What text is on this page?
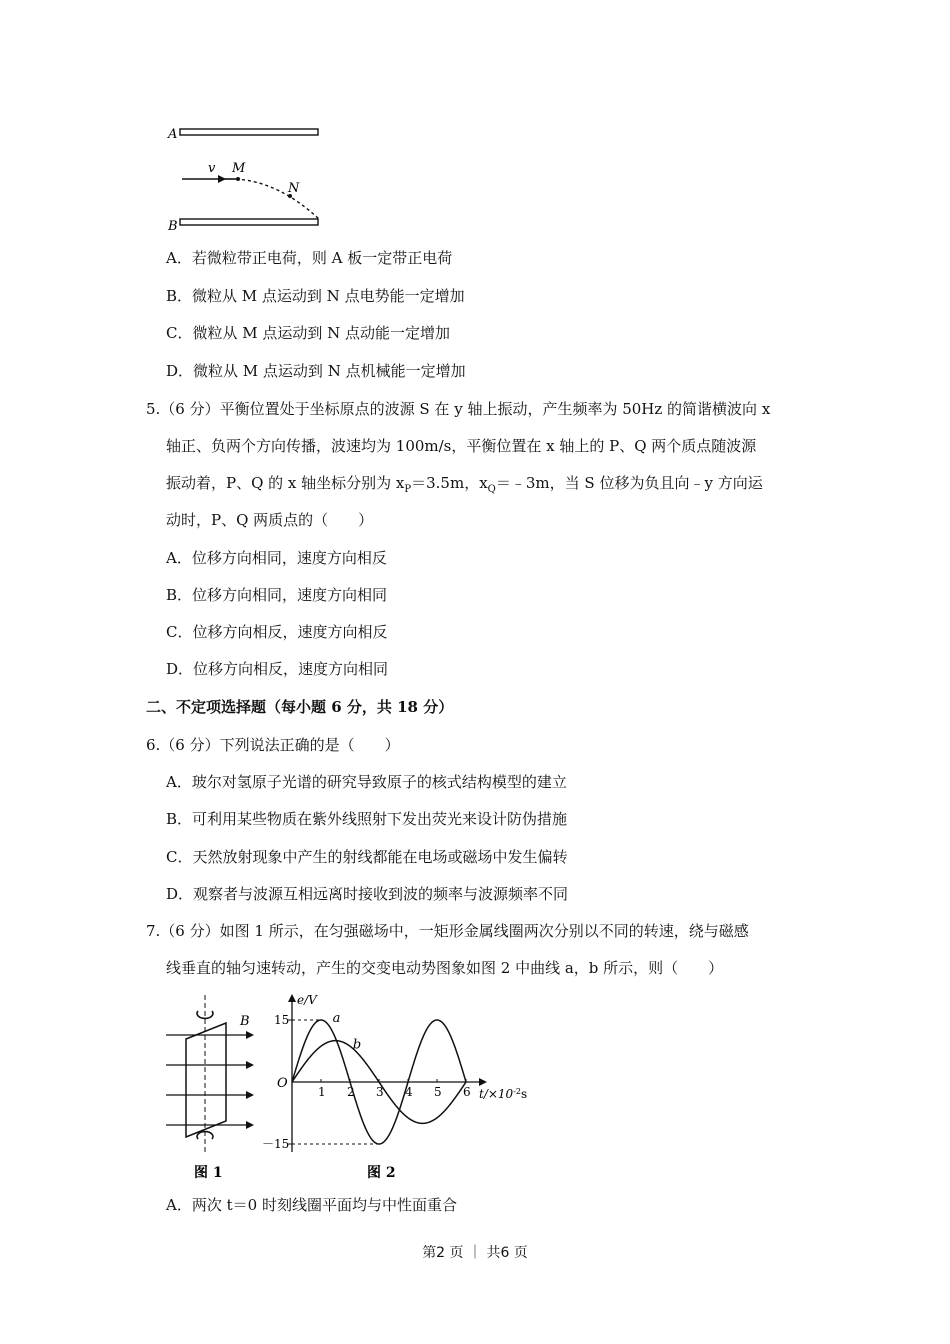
A
v M
N
B
A．若微粒带正电荷，则 A 板一定带正电荷
B．微粒从 M 点运动到 N 点电势能一定增加
C．微粒从 M 点运动到 N 点动能一定增加
D．微粒从 M 点运动到 N 点机械能一定增加
5.（6 分）平衡位置处于坐标原点的波源 S 在 y 轴上振动，产生频率为 50Hz 的简谐横波向 x
轴正、负两个方向传播，波速均为 100m/s，平衡位置在 x 轴上的 P、Q 两个质点随波源
振动着，P、Q 的 x 轴坐标分别为 $x_P=3.5m$，$x_Q=﹣3m$，当 S 位移为负且向﹣y 方向运
动时，P、Q 两质点的（　　）
A．位移方向相同，速度方向相反
B．位移方向相同，速度方向相同
C．位移方向相反，速度方向相反
D．位移方向相反，速度方向相同
二、不定项选择题（每小题 6 分，共 18 分）
6.（6 分）下列说法正确的是（　　）
A．玻尔对氢原子光谱的研究导致原子的核式结构模型的建立
B．可利用某些物质在紫外线照射下发出荧光来设计防伪措施
C．天然放射现象中产生的射线都能在电场或磁场中发生偏转
D．观察者与波源互相远离时接收到波的频率与波源频率不同
7.（6 分）如图 1 所示，在匀强磁场中，一矩形金属线圈两次分别以不同的转速，绕与磁感
线垂直的轴匀速转动，产生的交变电动势图象如图 2 中曲线 a，b 所示，则（　　）
B
图 1
e/V
O
$t/\times 10^{-2}s$
15
－15
1 2 3 4 5 6
a
b
图 2
A．两次 t＝0 时刻线圈平面均与中性面重合
第2 页 ｜ 共6 页
